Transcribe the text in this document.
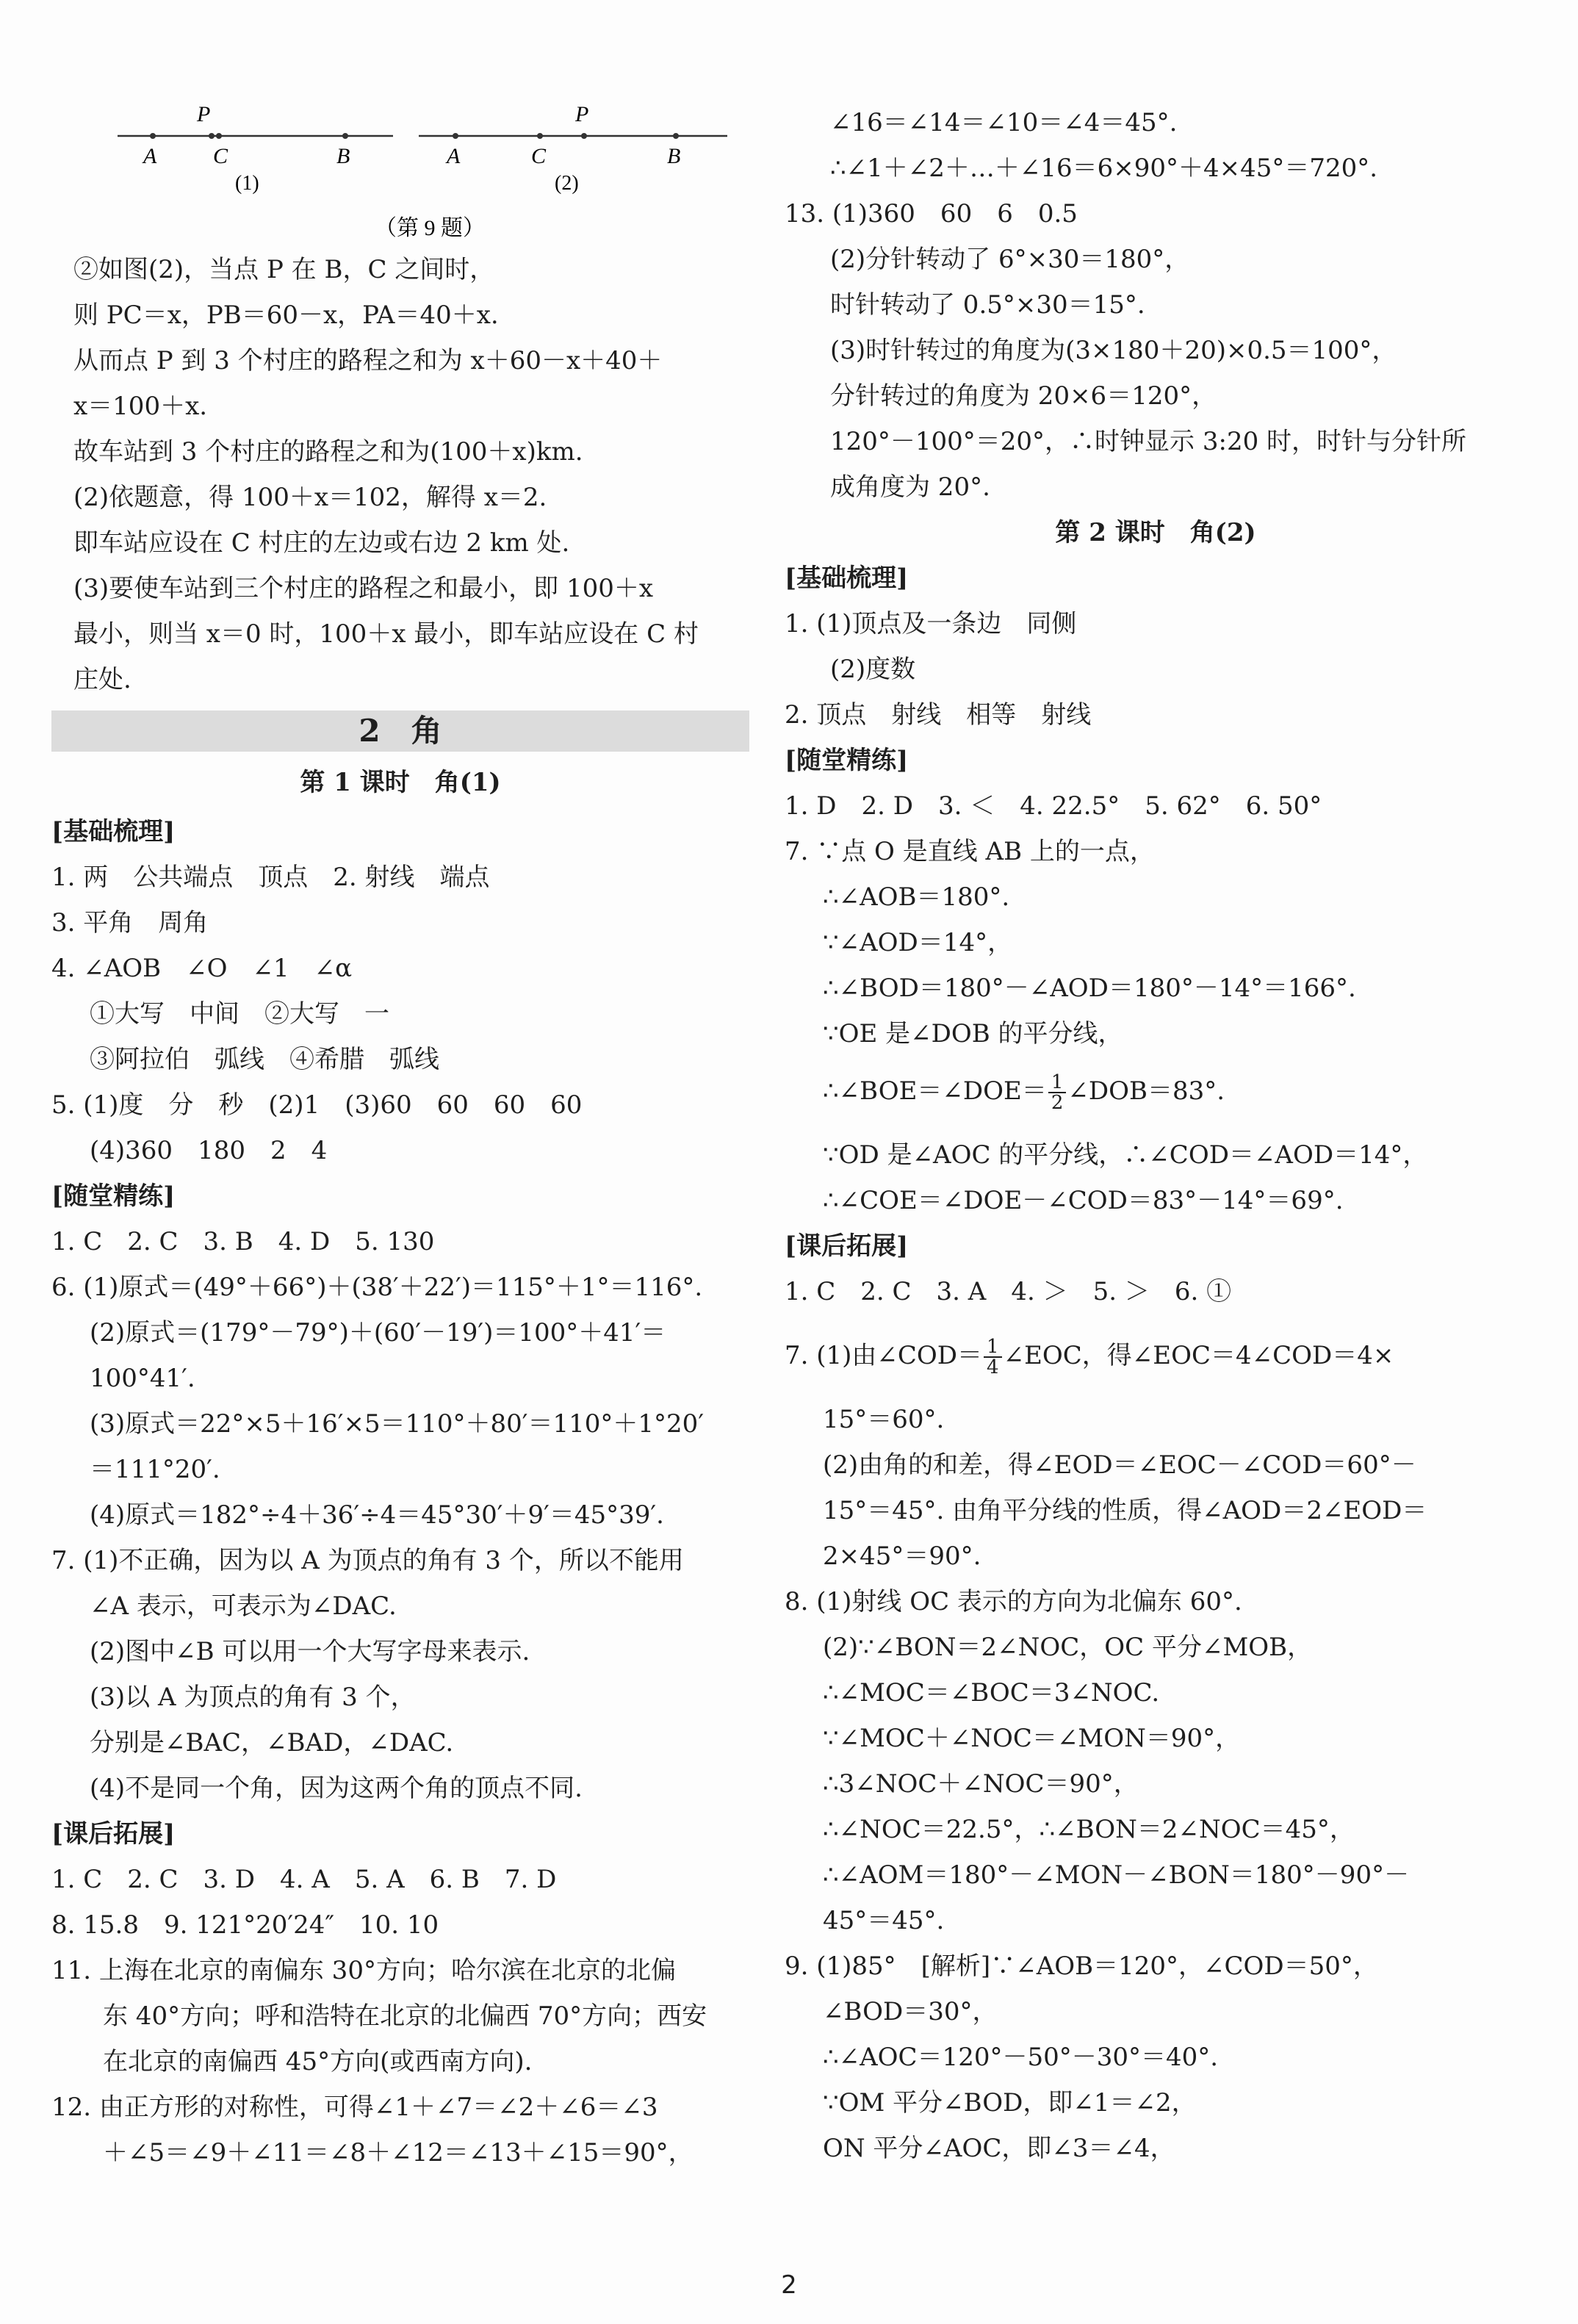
P
A	C	B
(1)
P
A	C	B
(2)
（第 9 题）
②如图(2)，当点 P 在 B，C 之间时，
则 PC＝x，PB＝60－x，PA＝40＋x.
从而点 P 到 3 个村庄的路程之和为 x＋60－x＋40＋
x＝100＋x.
故车站到 3 个村庄的路程之和为(100＋x)km.
(2)依题意，得 100＋x＝102，解得 x＝2.
即车站应设在 C 村庄的左边或右边 2 km 处.
(3)要使车站到三个村庄的路程之和最小，即 100＋x
最小，则当 x＝0 时，100＋x 最小，即车站应设在 C 村
庄处.
2　角
第 1 课时　角(1)
[基础梳理]
1. 两　公共端点　顶点　2. 射线　端点
3. 平角　周角
4. ∠AOB　∠O　∠1　∠α
①大写　中间　②大写　一
③阿拉伯　弧线　④希腊　弧线
5. (1)度　分　秒　(2)1　(3)60　60　60　60
(4)360　180　2　4
[随堂精练]
1. C　2. C　3. B　4. D　5. 130
6. (1)原式＝(49°＋66°)＋(38′＋22′)＝115°＋1°＝116°.
(2)原式＝(179°－79°)＋(60′－19′)＝100°＋41′＝
100°41′.
(3)原式＝22°×5＋16′×5＝110°＋80′＝110°＋1°20′
＝111°20′.
(4)原式＝182°÷4＋36′÷4＝45°30′＋9′＝45°39′.
7. (1)不正确，因为以 A 为顶点的角有 3 个，所以不能用
∠A 表示，可表示为∠DAC.
(2)图中∠B 可以用一个大写字母来表示.
(3)以 A 为顶点的角有 3 个，
分别是∠BAC，∠BAD，∠DAC.
(4)不是同一个角，因为这两个角的顶点不同.
[课后拓展]
1. C　2. C　3. D　4. A　5. A　6. B　7. D
8. 15.8　9. 121°20′24″　10. 10
11. 上海在北京的南偏东 30°方向；哈尔滨在北京的北偏
东 40°方向；呼和浩特在北京的北偏西 70°方向；西安
在北京的南偏西 45°方向(或西南方向).
12. 由正方形的对称性，可得∠1＋∠7＝∠2＋∠6＝∠3
＋∠5＝∠9＋∠11＝∠8＋∠12＝∠13＋∠15＝90°，
∠16＝∠14＝∠10＝∠4＝45°.
∴∠1＋∠2＋…＋∠16＝6×90°＋4×45°＝720°.
13. (1)360　60　6　0.5
(2)分针转动了 6°×30＝180°，
时针转动了 0.5°×30＝15°.
(3)时针转过的角度为(3×180＋20)×0.5＝100°，
分针转过的角度为 20×6＝120°，
120°－100°＝20°，∴时钟显示 3:20 时，时针与分针所
成角度为 20°.
第 2 课时　角(2)
[基础梳理]
1. (1)顶点及一条边　同侧
(2)度数
2. 顶点　射线　相等　射线
[随堂精练]
1. D　2. D　3. ＜　4. 22.5°　5. 62°　6. 50°
7. ∵点 O 是直线 AB 上的一点，
∴∠AOB＝180°.
∵∠AOD＝14°，
∴∠BOD＝180°－∠AOD＝180°－14°＝166°.
∵OE 是∠DOB 的平分线，
∴∠BOE＝∠DOE＝ $\frac{1}{2}$ ∠DOB＝83°.
∵OD 是∠AOC 的平分线，∴∠COD＝∠AOD＝14°，
∴∠COE＝∠DOE－∠COD＝83°－14°＝69°.
[课后拓展]
1. C　2. C　3. A　4. ＞　5. ＞　6. ①
7. (1)由∠COD＝ $\frac{1}{4}$ ∠EOC，得∠EOC＝4∠COD＝4×
15°＝60°.
(2)由角的和差，得∠EOD＝∠EOC－∠COD＝60°－
15°＝45°. 由角平分线的性质，得∠AOD＝2∠EOD＝
2×45°＝90°.
8. (1)射线 OC 表示的方向为北偏东 60°.
(2)∵∠BON＝2∠NOC，OC 平分∠MOB，
∴∠MOC＝∠BOC＝3∠NOC.
∵∠MOC＋∠NOC＝∠MON＝90°，
∴3∠NOC＋∠NOC＝90°，
∴∠NOC＝22.5°，∴∠BON＝2∠NOC＝45°，
∴∠AOM＝180°－∠MON－∠BON＝180°－90°－
45°＝45°.
9. (1)85°　[解析]∵∠AOB＝120°，∠COD＝50°，
∠BOD＝30°，
∴∠AOC＝120°－50°－30°＝40°.
∵OM 平分∠BOD，即∠1＝∠2，
ON 平分∠AOC，即∠3＝∠4，
2
